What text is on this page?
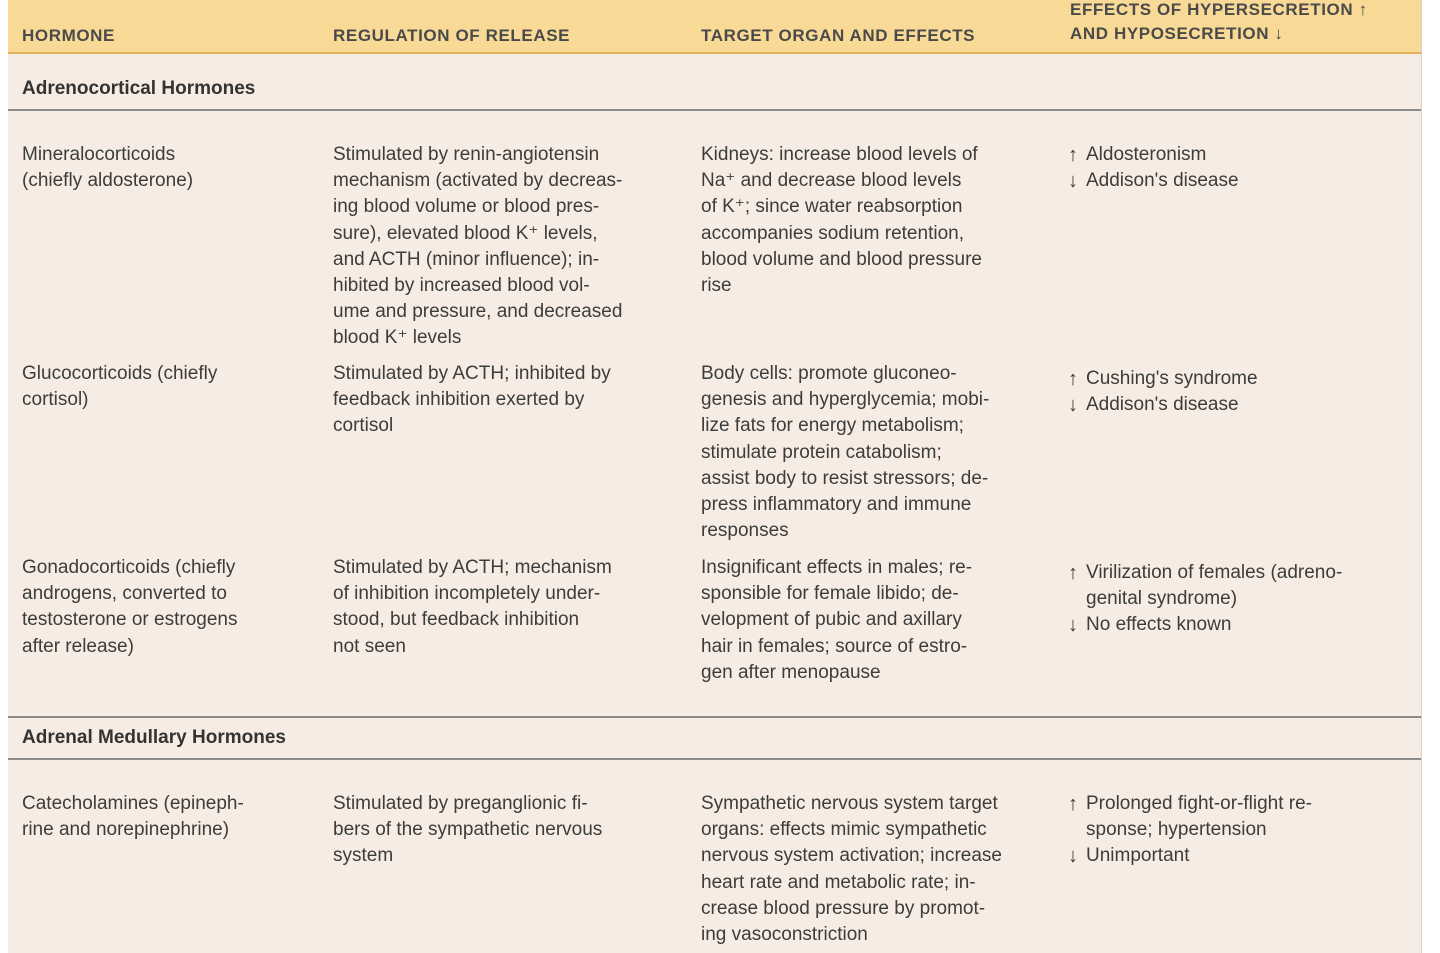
HORMONE	REGULATION OF RELEASE	TARGET ORGAN AND EFFECTS
EFFECTS OF HYPERSECRETION ↑
AND HYPOSECRETION ↓
Adrenocortical Hormones
Mineralocorticoids
(chiefly aldosterone)
Stimulated by renin-angiotensin
mechanism (activated by decreas-
ing blood volume or blood pres-
sure), elevated blood K⁺ levels,
and ACTH (minor influence); in-
hibited by increased blood vol-
ume and pressure, and decreased
blood K⁺ levels
Kidneys: increase blood levels of
Na⁺ and decrease blood levels
of K⁺; since water reabsorption
accompanies sodium retention,
blood volume and blood pressure
rise
↑ Aldosteronism
↓ Addison's disease
Glucocorticoids (chiefly
cortisol)
Stimulated by ACTH; inhibited by
feedback inhibition exerted by
cortisol
Body cells: promote gluconeo-
genesis and hyperglycemia; mobi-
lize fats for energy metabolism;
stimulate protein catabolism;
assist body to resist stressors; de-
press inflammatory and immune
responses
↑ Cushing's syndrome
↓ Addison's disease
Gonadocorticoids (chiefly
androgens, converted to
testosterone or estrogens
after release)
Stimulated by ACTH; mechanism
of inhibition incompletely under-
stood, but feedback inhibition
not seen
Insignificant effects in males; re-
sponsible for female libido; de-
velopment of pubic and axillary
hair in females; source of estro-
gen after menopause
↑ Virilization of females (adreno-
genital syndrome)
↓ No effects known
Adrenal Medullary Hormones
Catecholamines (epineph-
rine and norepinephrine)
Stimulated by preganglionic fi-
bers of the sympathetic nervous
system
Sympathetic nervous system target
organs: effects mimic sympathetic
nervous system activation; increase
heart rate and metabolic rate; in-
crease blood pressure by promot-
ing vasoconstriction
↑ Prolonged fight-or-flight re-
sponse; hypertension
↓ Unimportant
